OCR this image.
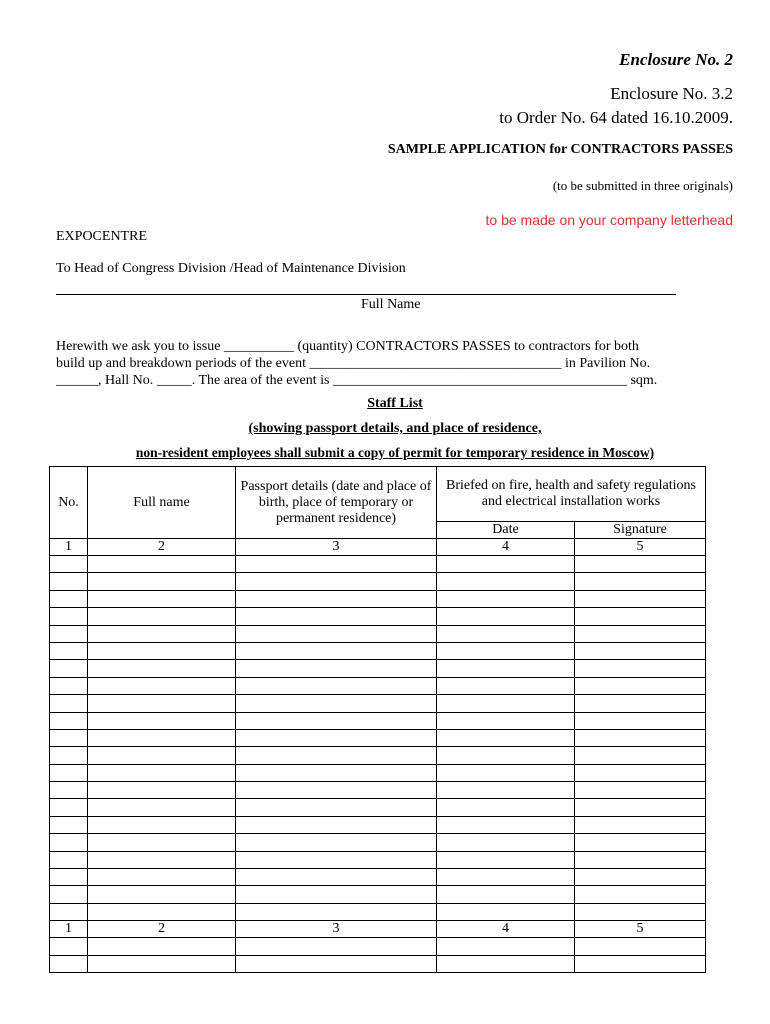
Enclosure No. 2
Enclosure No. 3.2
to Order No. 64 dated 16.10.2009.
SAMPLE APPLICATION for CONTRACTORS PASSES
(to be submitted in three originals)
to be made on your company letterhead
EXPOCENTRE
To Head of Congress Division /Head of Maintenance Division
Full Name
Herewith we ask you to issue __________ (quantity) CONTRACTORS PASSES to contractors for both
build up and breakdown periods of the event ____________________________________ in Pavilion No.
______, Hall No. _____. The area of the event is __________________________________________ sqm.
Staff List
(showing passport details, and place of residence,
non-resident employees shall submit a copy of permit for temporary residence in Moscow)
No.	Full name	Passport details (date and place of birth, place of temporary or permanent residence)	Briefed on fire, health and safety regulations and electrical installation works	
			Date	Signature
1	2	3	4	5

1	2	3	4	5
